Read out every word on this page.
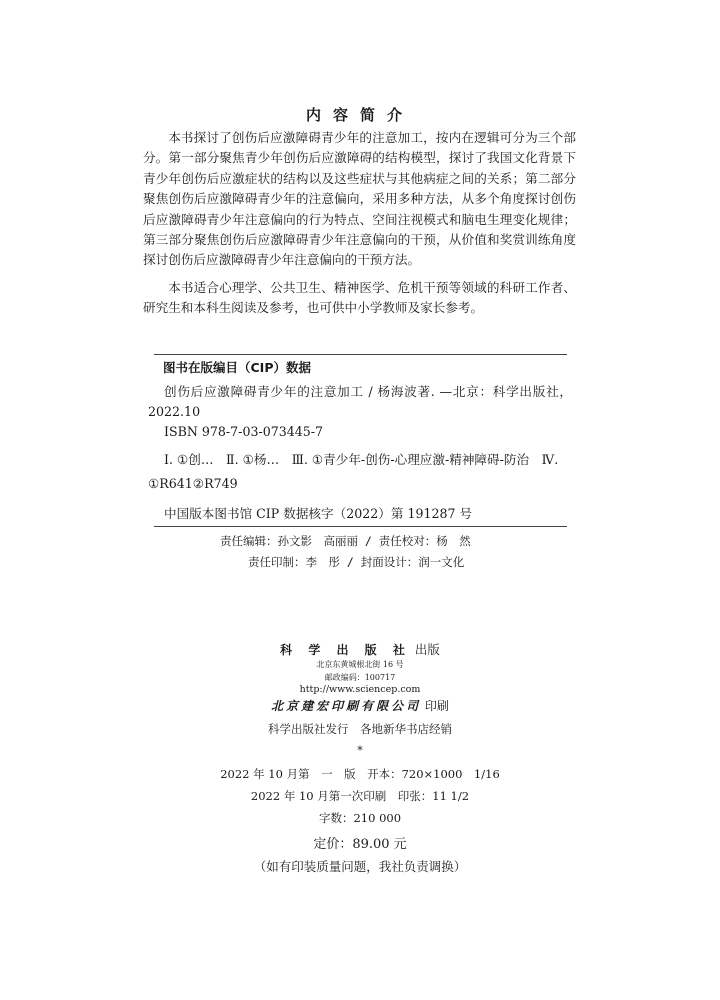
内容简介

本书探讨了创伤后应激障碍青少年的注意加工，按内在逻辑可分为三个部分。第一部分聚焦青少年创伤后应激障碍的结构模型，探讨了我国文化背景下青少年创伤后应激症状的结构以及这些症状与其他病症之间的关系；第二部分聚焦创伤后应激障碍青少年的注意偏向，采用多种方法，从多个角度探讨创伤后应激障碍青少年注意偏向的行为特点、空间注视模式和脑电生理变化规律；第三部分聚焦创伤后应激障碍青少年注意偏向的干预，从价值和奖赏训练角度探讨创伤后应激障碍青少年注意偏向的干预方法。

本书适合心理学、公共卫生、精神医学、危机干预等领域的科研工作者、研究生和本科生阅读及参考，也可供中小学教师及家长参考。

图书在版编目（CIP）数据
创伤后应激障碍青少年的注意加工 / 杨海波著. —北京：科学出版社，2022.10
ISBN 978-7-03-073445-7
Ⅰ. ①创…　Ⅱ. ①杨…　Ⅲ. ①青少年-创伤-心理应激-精神障碍-防治　Ⅳ. ①R641②R749
中国版本图书馆 CIP 数据核字（2022）第 191287 号
责任编辑：孙文影　高丽丽 / 责任校对：杨　然
责任印制：李　彤 / 封面设计：润一文化
科 学 出 版 社 出版
北京东黄城根北街 16 号
邮政编码：100717
http://www.sciencep.com
北京建宏印刷有限公司 印刷
科学出版社发行　各地新华书店经销
*
2022 年 10 月第　一　版　开本：720×1000　1/16
2022 年 10 月第一次印刷　印张：11 1/2
字数：210 000
定价：89.00 元
（如有印装质量问题，我社负责调换）
